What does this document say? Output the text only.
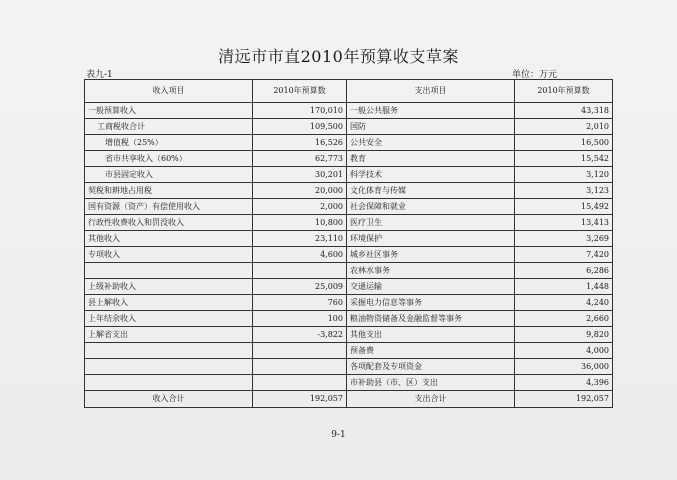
清远市市直2010年预算收支草案
表九-1	单位：万元
收入项目	2010年预算数	支出项目	2010年预算数
一般预算收入	170,010	一般公共服务	43,318
工商税收合计	109,500	国防	2,010
增值税（25%）	16,526	公共安全	16,500
省市共享收入（60%）	62,773	教育	15,542
市县固定收入	30,201	科学技术	3,120
契税和耕地占用税	20,000	文化体育与传媒	3,123
国有资源（资产）有偿使用收入	2,000	社会保障和就业	15,492
行政性收费收入和罚没收入	10,800	医疗卫生	13,413
其他收入	23,110	环境保护	3,269
专项收入	4,600	城乡社区事务	7,420
		农林水事务	6,286
上级补助收入	25,009	交通运输	1,448
县上解收入	760	采掘电力信息等事务	4,240
上年结余收入	100	粮油物资储备及金融监督等事务	2,660
上解省支出	-3,822	其他支出	9,820
		预备费	4,000
		各项配套及专项资金	36,000
		市补助县（市、区）支出	4,396
收入合计	192,057	支出合计	192,057
9-1
